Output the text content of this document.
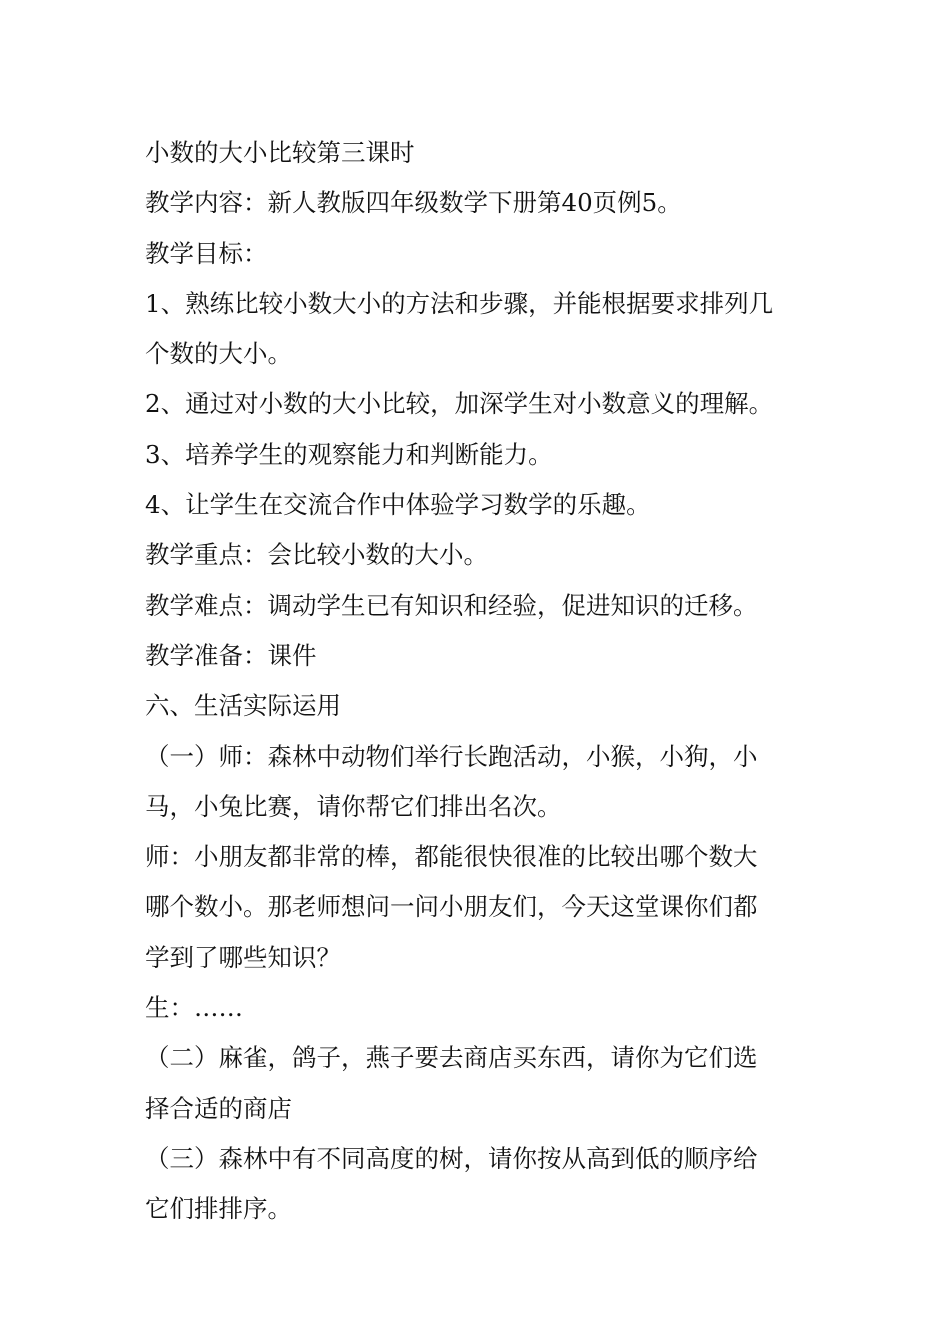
小数的大小比较第三课时

教学内容：新人教版四年级数学下册第40页例5。

教学目标：

1、熟练比较小数大小的方法和步骤，并能根据要求排列几

个数的大小。

2、通过对小数的大小比较，加深学生对小数意义的理解。

3、培养学生的观察能力和判断能力。

4、让学生在交流合作中体验学习数学的乐趣。

教学重点：会比较小数的大小。

教学难点：调动学生已有知识和经验，促进知识的迁移。

教学准备：课件

六、生活实际运用

（一）师：森林中动物们举行长跑活动，小猴，小狗，小

马，小兔比赛，请你帮它们排出名次。

师：小朋友都非常的棒，都能很快很准的比较出哪个数大

哪个数小。那老师想问一问小朋友们，今天这堂课你们都

学到了哪些知识？

生：……

（二）麻雀，鸽子，燕子要去商店买东西，请你为它们选

择合适的商店

（三）森林中有不同高度的树，请你按从高到低的顺序给

它们排排序。
